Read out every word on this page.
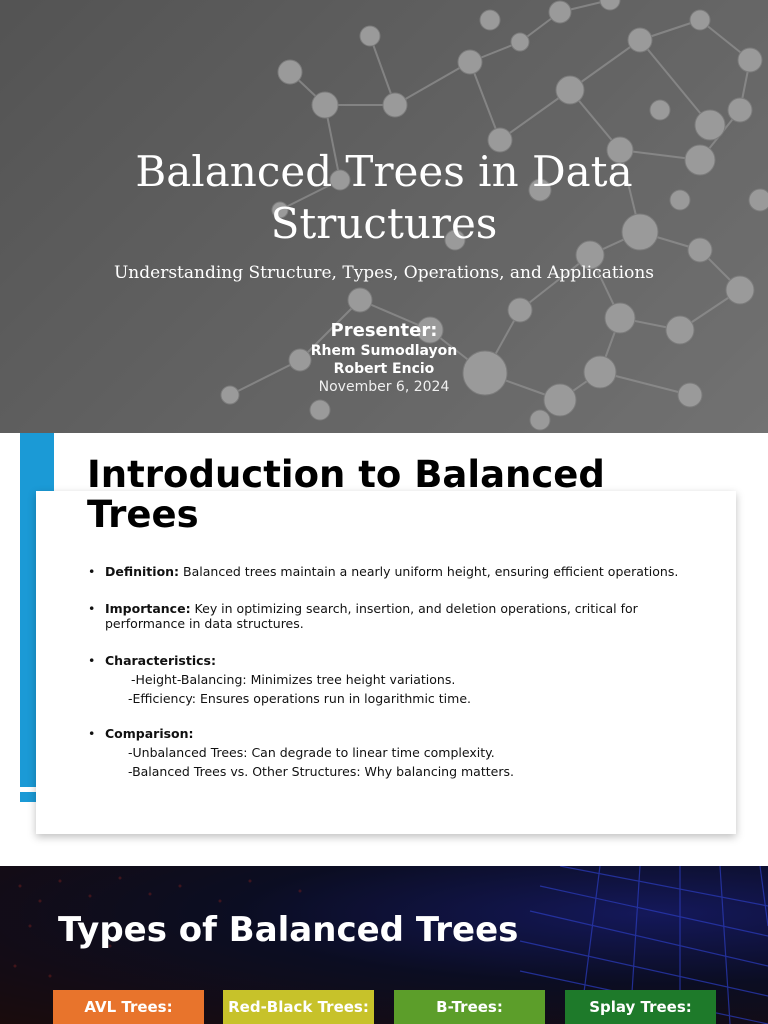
Balanced Trees in Data Structures
Understanding Structure, Types, Operations, and Applications
Presenter:
Rhem Sumodlayon
Robert Encio
November 6, 2024
Introduction to Balanced Trees
• Definition: Balanced trees maintain a nearly uniform height, ensuring efficient operations.
• Importance: Key in optimizing search, insertion, and deletion operations, critical for performance in data structures.
• Characteristics:
-Height-Balancing: Minimizes tree height variations.
-Efficiency: Ensures operations run in logarithmic time.
• Comparison:
-Unbalanced Trees: Can degrade to linear time complexity.
-Balanced Trees vs. Other Structures: Why balancing matters.
Types of Balanced Trees
AVL Trees:	Red-Black Trees:	B-Trees:	Splay Trees:
